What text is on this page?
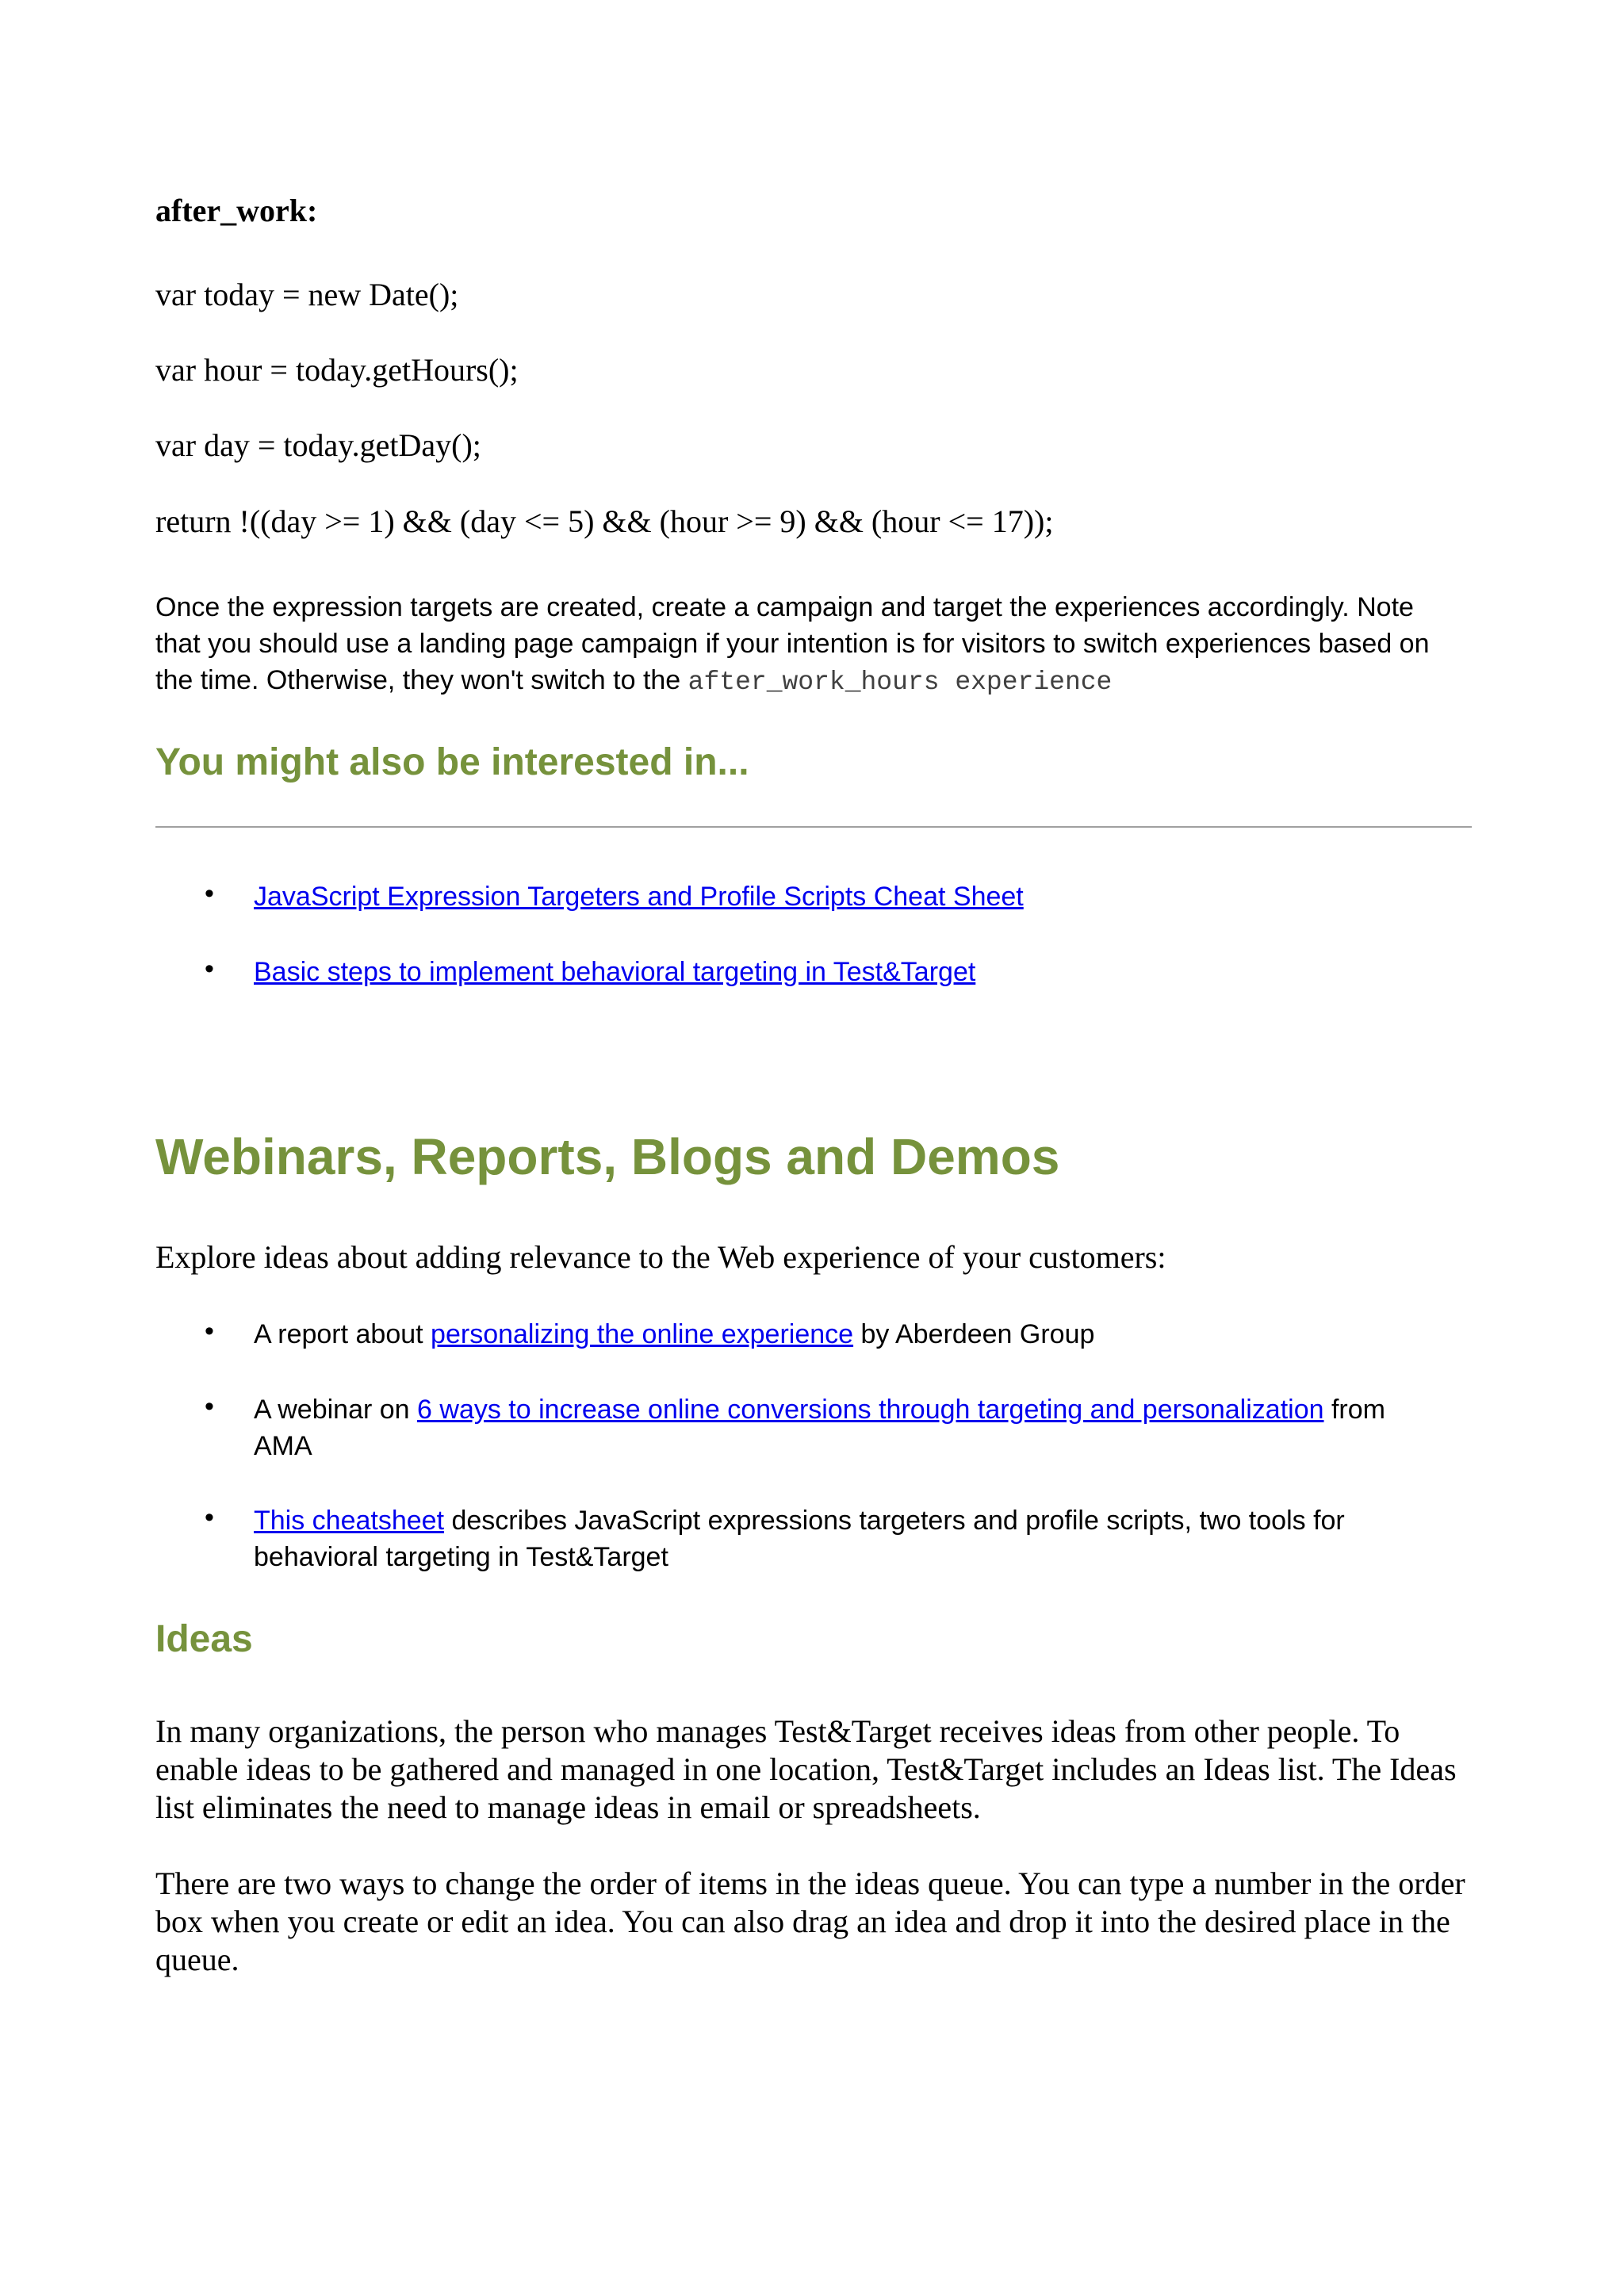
after_work:

var today = new Date();

var hour = today.getHours();

var day = today.getDay();

return !((day >= 1) && (day <= 5) && (hour >= 9) && (hour <= 17));

Once the expression targets are created, create a campaign and target the experiences accordingly. Note

that you should use a landing page campaign if your intention is for visitors to switch experiences based on

the time. Otherwise, they won't switch to the after_work_hours experience

You might also be interested in...

• JavaScript Expression Targeters and Profile Scripts Cheat Sheet
• Basic steps to implement behavioral targeting in Test&Target

Webinars, Reports, Blogs and Demos

Explore ideas about adding relevance to the Web experience of your customers:

• A report about personalizing the online experience by Aberdeen Group
• A webinar on 6 ways to increase online conversions through targeting and personalization from AMA
• This cheatsheet describes JavaScript expressions targeters and profile scripts, two tools for behavioral targeting in Test&Target

Ideas

In many organizations, the person who manages Test&Target receives ideas from other people. To enable ideas to be gathered and managed in one location, Test&Target includes an Ideas list. The Ideas list eliminates the need to manage ideas in email or spreadsheets.

There are two ways to change the order of items in the ideas queue. You can type a number in the order box when you create or edit an idea. You can also drag an idea and drop it into the desired place in the queue.
